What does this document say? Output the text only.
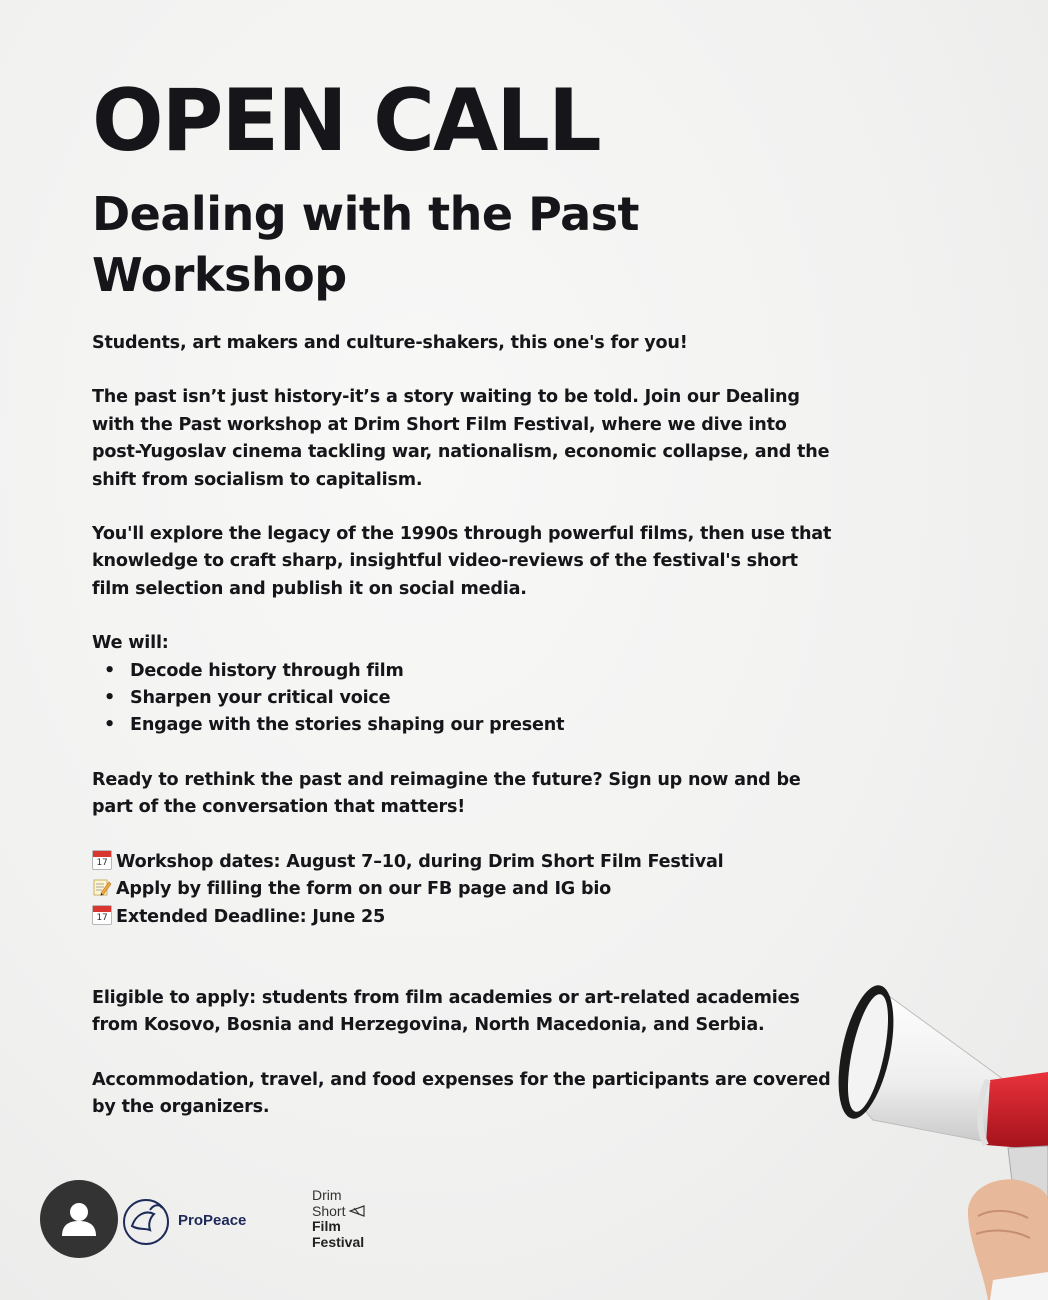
OPEN CALL
Dealing with the Past
Workshop

Students, art makers and culture-shakers, this one's for you!

The past isn’t just history-it’s a story waiting to be told. Join our Dealing with the Past workshop at Drim Short Film Festival, where we dive into post-Yugoslav cinema tackling war, nationalism, economic collapse, and the shift from socialism to capitalism.

You'll explore the legacy of the 1990s through powerful films, then use that knowledge to craft sharp, insightful video-reviews of the festival's short film selection and publish it on social media.

We will:

• Decode history through film
• Sharpen your critical voice
• Engage with the stories shaping our present

Ready to rethink the past and reimagine the future? Sign up now and be part of the conversation that matters!

17 Workshop dates: August 7–10, during Drim Short Film Festival

Apply by filling the form on our FB page and IG bio

17 Extended Deadline: June 25

Eligible to apply: students from film academies or art-related academies from Kosovo, Bosnia and Herzegovina, North Macedonia, and Serbia.

Accommodation, travel, and food expenses for the participants are covered by the organizers.

ProPeace
Drim
Short
Film
Festival
